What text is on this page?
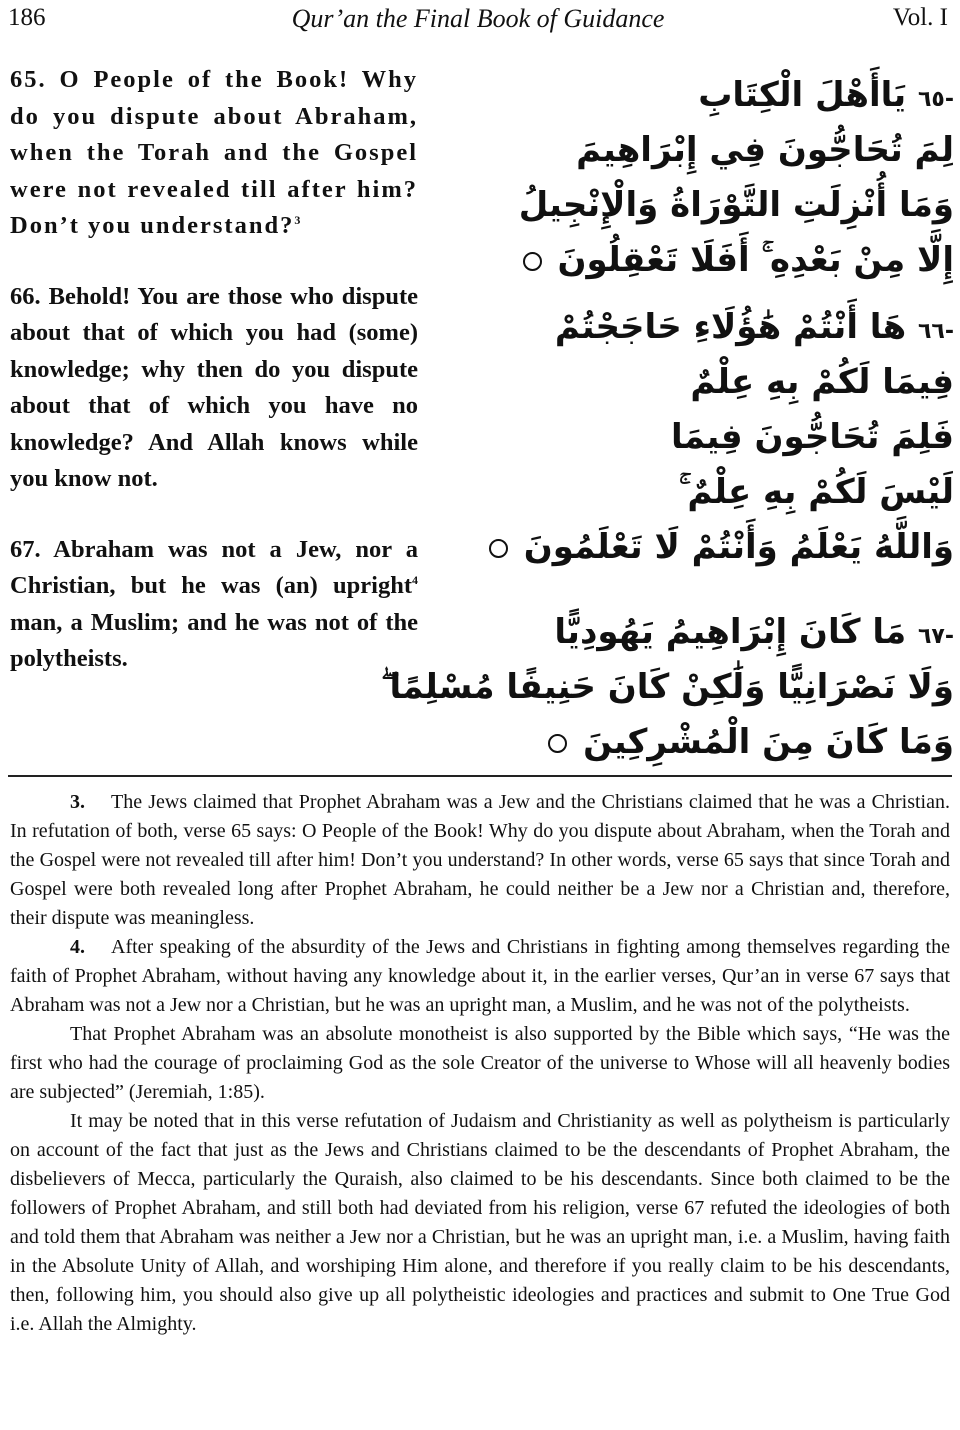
Qur’an the Final Book of Guidance
186	Vol. I

65. O People of the Book! Why do you dispute about Abraham, when the Torah and the Gospel were not revealed till after him? Don’t you understand?$^3$

66. Behold! You are those who dispute about that of which you had (some) knowledge; why then do you dispute about that of which you have no knowledge? And Allah knows while you know not.

67. Abraham was not a Jew, nor a Christian, but he was (an) upright$^4$ man, a Muslim; and he was not of the polytheists.

-٦٥ يَاأَهْلَ الْكِتَابِ
لِمَ تُحَاجُّونَ فِي إِبْرَاهِيمَ
وَمَا أُنْزِلَتِ التَّوْرَاةُ وَالْإِنْجِيلُ
إِلَّا مِنْ بَعْدِهِ ۚ أَفَلَا تَعْقِلُونَ
-٦٦ هَا أَنْتُمْ هَٰؤُلَاءِ حَاجَجْتُمْ
فِيمَا لَكُمْ بِهِ عِلْمٌ
فَلِمَ تُحَاجُّونَ فِيمَا
لَيْسَ لَكُمْ بِهِ عِلْمٌ ۚ
وَاللَّهُ يَعْلَمُ وَأَنْتُمْ لَا تَعْلَمُونَ
-٦٧ مَا كَانَ إِبْرَاهِيمُ يَهُودِيًّا
وَلَا نَصْرَانِيًّا وَلَٰكِنْ كَانَ حَنِيفًا مُسْلِمًا ۖ
وَمَا كَانَ مِنَ الْمُشْرِكِينَ

3. The Jews claimed that Prophet Abraham was a Jew and the Christians claimed that he was a Christian. In refutation of both, verse 65 says: O People of the Book! Why do you dispute about Abraham, when the Torah and the Gospel were not revealed till after him! Don’t you understand? In other words, verse 65 says that since Torah and Gospel were both revealed long after Prophet Abraham, he could neither be a Jew nor a Christian and, therefore, their dispute was meaningless.

4. After speaking of the absurdity of the Jews and Christians in fighting among themselves regarding the faith of Prophet Abraham, without having any knowledge about it, in the earlier verses, Qur’an in verse 67 says that Abraham was not a Jew nor a Christian, but he was an upright man, a Muslim, and he was not of the polytheists.

That Prophet Abraham was an absolute monotheist is also supported by the Bible which says, “He was the first who had the courage of proclaiming God as the sole Creator of the universe to Whose will all heavenly bodies are subjected” (Jeremiah, 1:85).

It may be noted that in this verse refutation of Judaism and Christianity as well as polytheism is particularly on account of the fact that just as the Jews and Christians claimed to be the descendants of Prophet Abraham, the disbelievers of Mecca, particularly the Quraish, also claimed to be his descendants. Since both claimed to be the followers of Prophet Abraham, and still both had deviated from his religion, verse 67 refuted the ideologies of both and told them that Abraham was neither a Jew nor a Christian, but he was an upright man, i.e. a Muslim, having faith in the Absolute Unity of Allah, and worshiping Him alone, and therefore if you really claim to be his descendants, then, following him, you should also give up all polytheistic ideologies and practices and submit to One True God i.e. Allah the Almighty.
